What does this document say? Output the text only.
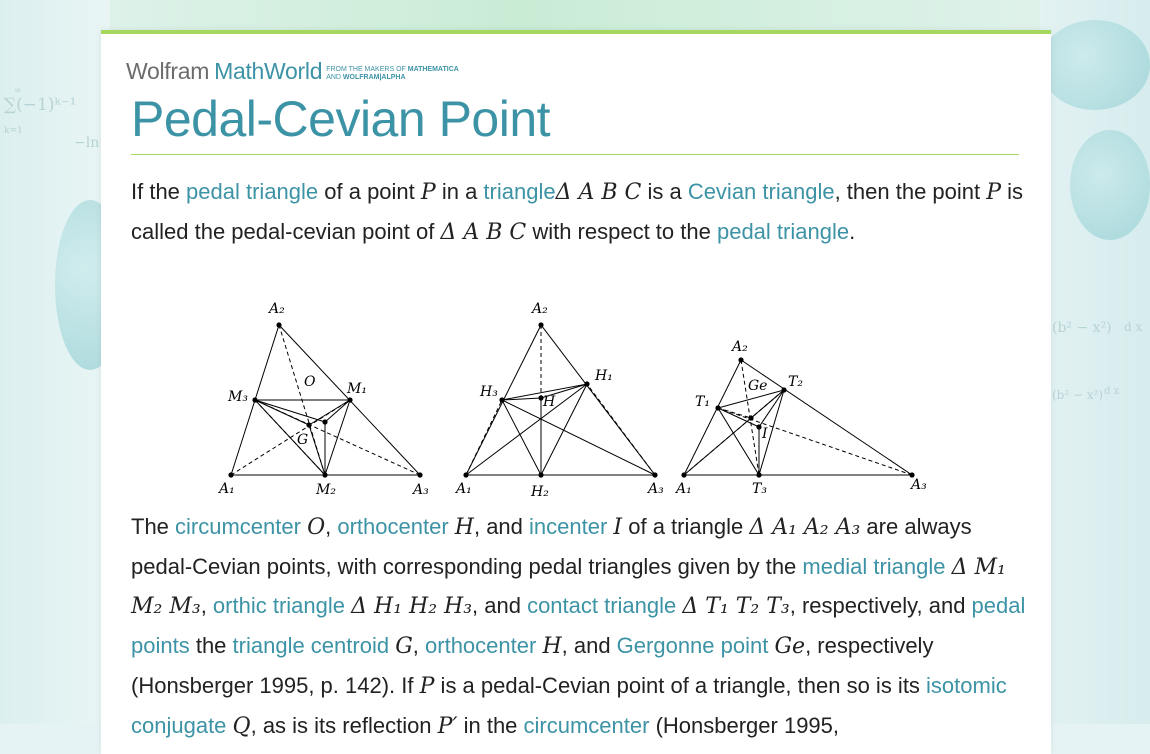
∞
∑(−1)ᵏ⁻¹
k=1
−ln
(b² − x²) d x
(b² − x²) d x
Wolfram MathWorld FROM THE MAKERS OF MATHEMATICA
AND WOLFRAM|ALPHA
Pedal-Cevian Point

If the pedal triangle of a point P in a triangleΔ A B C is a Cevian triangle, then the point P is called the pedal-cevian point of Δ A B C with respect to the pedal triangle.

A₁
A₂
A₃
M₁
M₂
M₃
O
G
A₁
A₂
A₃
H₁
H₂
H₃
H
A₁
A₂
A₃
T₁
T₂
T₃
Ge
I

The circumcenter O, orthocenter H, and incenter I of a triangle Δ A₁ A₂ A₃ are always pedal-Cevian points, with corresponding pedal triangles given by the medial triangle Δ M₁ M₂ M₃, orthic triangle Δ H₁ H₂ H₃, and contact triangle Δ T₁ T₂ T₃, respectively, and pedal points the triangle centroid G, orthocenter H, and Gergonne point Ge, respectively (Honsberger 1995, p. 142). If P is a pedal-Cevian point of a triangle, then so is its isotomic conjugate Q, as is its reflection P′ in the circumcenter (Honsberger 1995,
